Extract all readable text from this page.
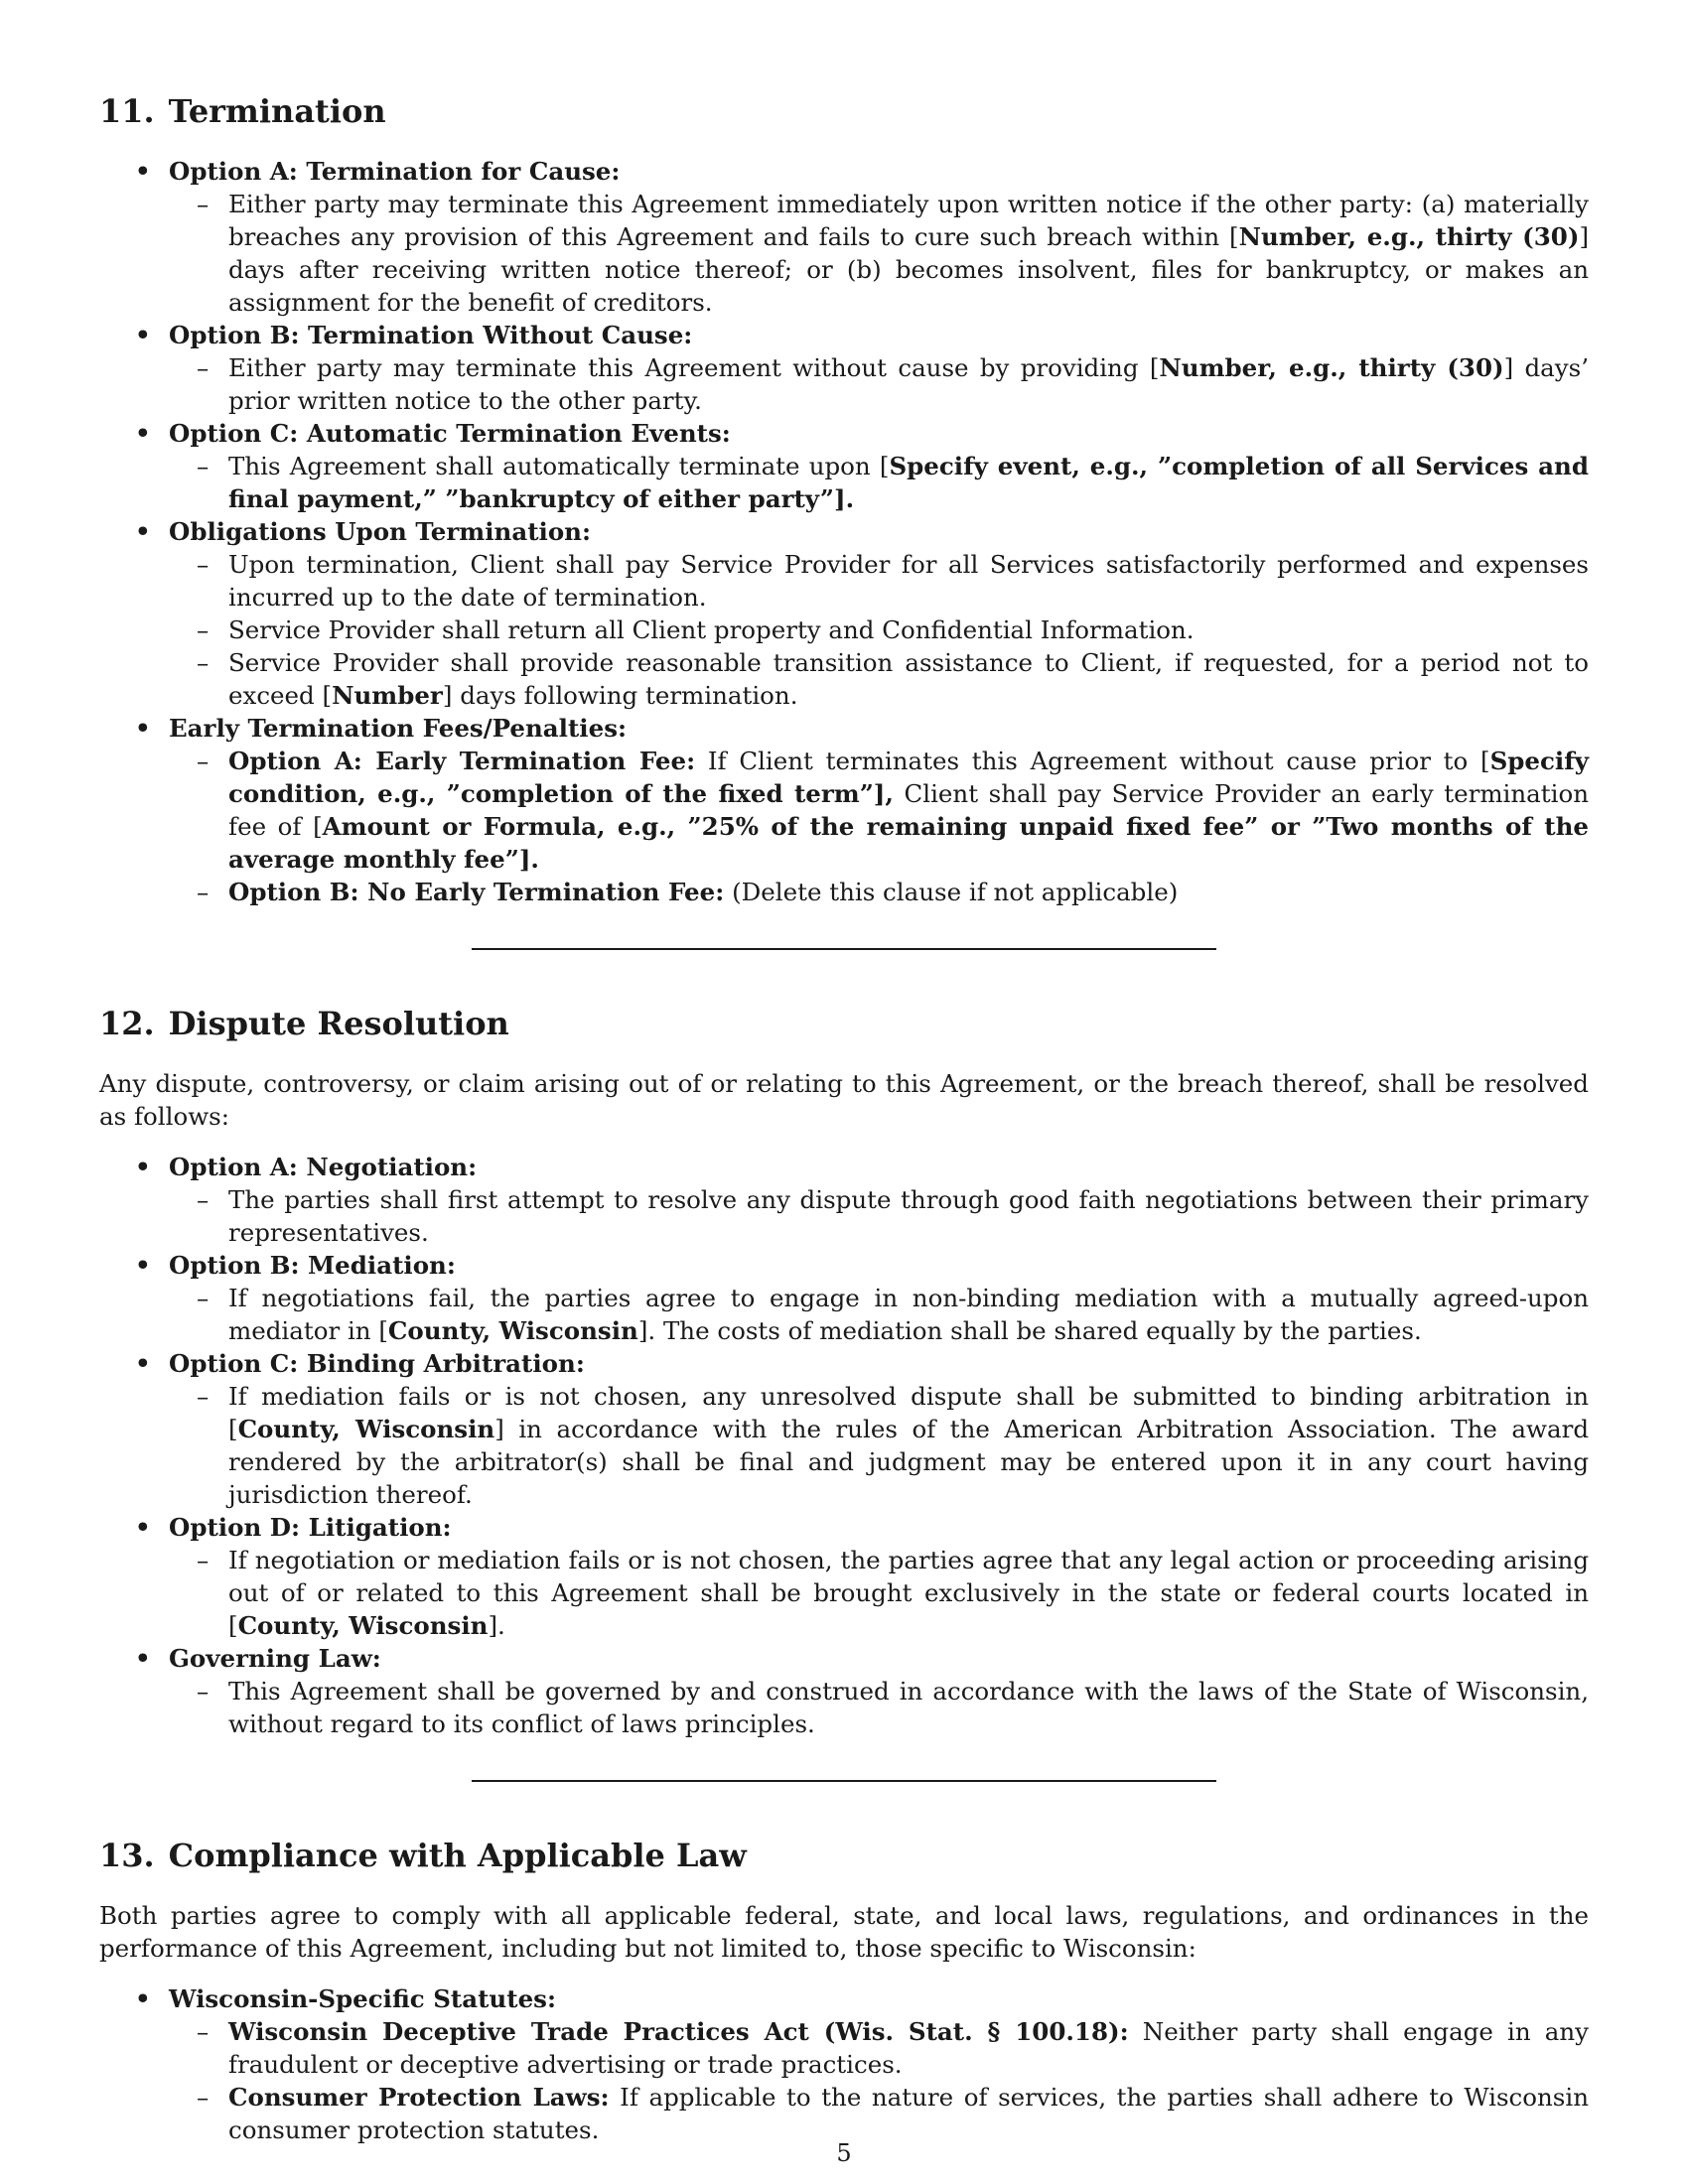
11. Termination
• Option A: Termination for Cause:
– Either party may terminate this Agreement immediately upon written notice if the other party: (a) materially breaches any provision of this Agreement and fails to cure such breach within [Number, e.g., thirty (30)] days after receiving written notice thereof; or (b) becomes insolvent, files for bankruptcy, or makes an assignment for the benefit of creditors.
• Option B: Termination Without Cause:
– Either party may terminate this Agreement without cause by providing [Number, e.g., thirty (30)] days’ prior written notice to the other party.
• Option C: Automatic Termination Events:
– This Agreement shall automatically terminate upon [Specify event, e.g., ”completion of all Services and final payment,” ”bankruptcy of either party”].
• Obligations Upon Termination:
– Upon termination, Client shall pay Service Provider for all Services satisfactorily performed and expenses incurred up to the date of termination.
– Service Provider shall return all Client property and Confidential Information.
– Service Provider shall provide reasonable transition assistance to Client, if requested, for a period not to exceed [Number] days following termination.
• Early Termination Fees/Penalties:
– Option A: Early Termination Fee: If Client terminates this Agreement without cause prior to [Specify condition, e.g., ”completion of the fixed term”], Client shall pay Service Provider an early termination fee of [Amount or Formula, e.g., ”25% of the remaining unpaid fixed fee” or ”Two months of the average monthly fee”].
– Option B: No Early Termination Fee: (Delete this clause if not applicable)
12. Dispute Resolution

Any dispute, controversy, or claim arising out of or relating to this Agreement, or the breach thereof, shall be resolved as follows:

• Option A: Negotiation:
– The parties shall first attempt to resolve any dispute through good faith negotiations between their primary representatives.
• Option B: Mediation:
– If negotiations fail, the parties agree to engage in non-binding mediation with a mutually agreed-upon mediator in [County, Wisconsin]. The costs of mediation shall be shared equally by the parties.
• Option C: Binding Arbitration:
– If mediation fails or is not chosen, any unresolved dispute shall be submitted to binding arbitration in [County, Wisconsin] in accordance with the rules of the American Arbitration Association. The award rendered by the arbitrator(s) shall be final and judgment may be entered upon it in any court having jurisdiction thereof.
• Option D: Litigation:
– If negotiation or mediation fails or is not chosen, the parties agree that any legal action or proceeding arising out of or related to this Agreement shall be brought exclusively in the state or federal courts located in [County, Wisconsin].
• Governing Law:
– This Agreement shall be governed by and construed in accordance with the laws of the State of Wisconsin, without regard to its conflict of laws principles.
13. Compliance with Applicable Law

Both parties agree to comply with all applicable federal, state, and local laws, regulations, and ordinances in the performance of this Agreement, including but not limited to, those specific to Wisconsin:

• Wisconsin-Specific Statutes:
– Wisconsin Deceptive Trade Practices Act (Wis. Stat. § 100.18): Neither party shall engage in any fraudulent or deceptive advertising or trade practices.
– Consumer Protection Laws: If applicable to the nature of services, the parties shall adhere to Wisconsin consumer protection statutes.
5
